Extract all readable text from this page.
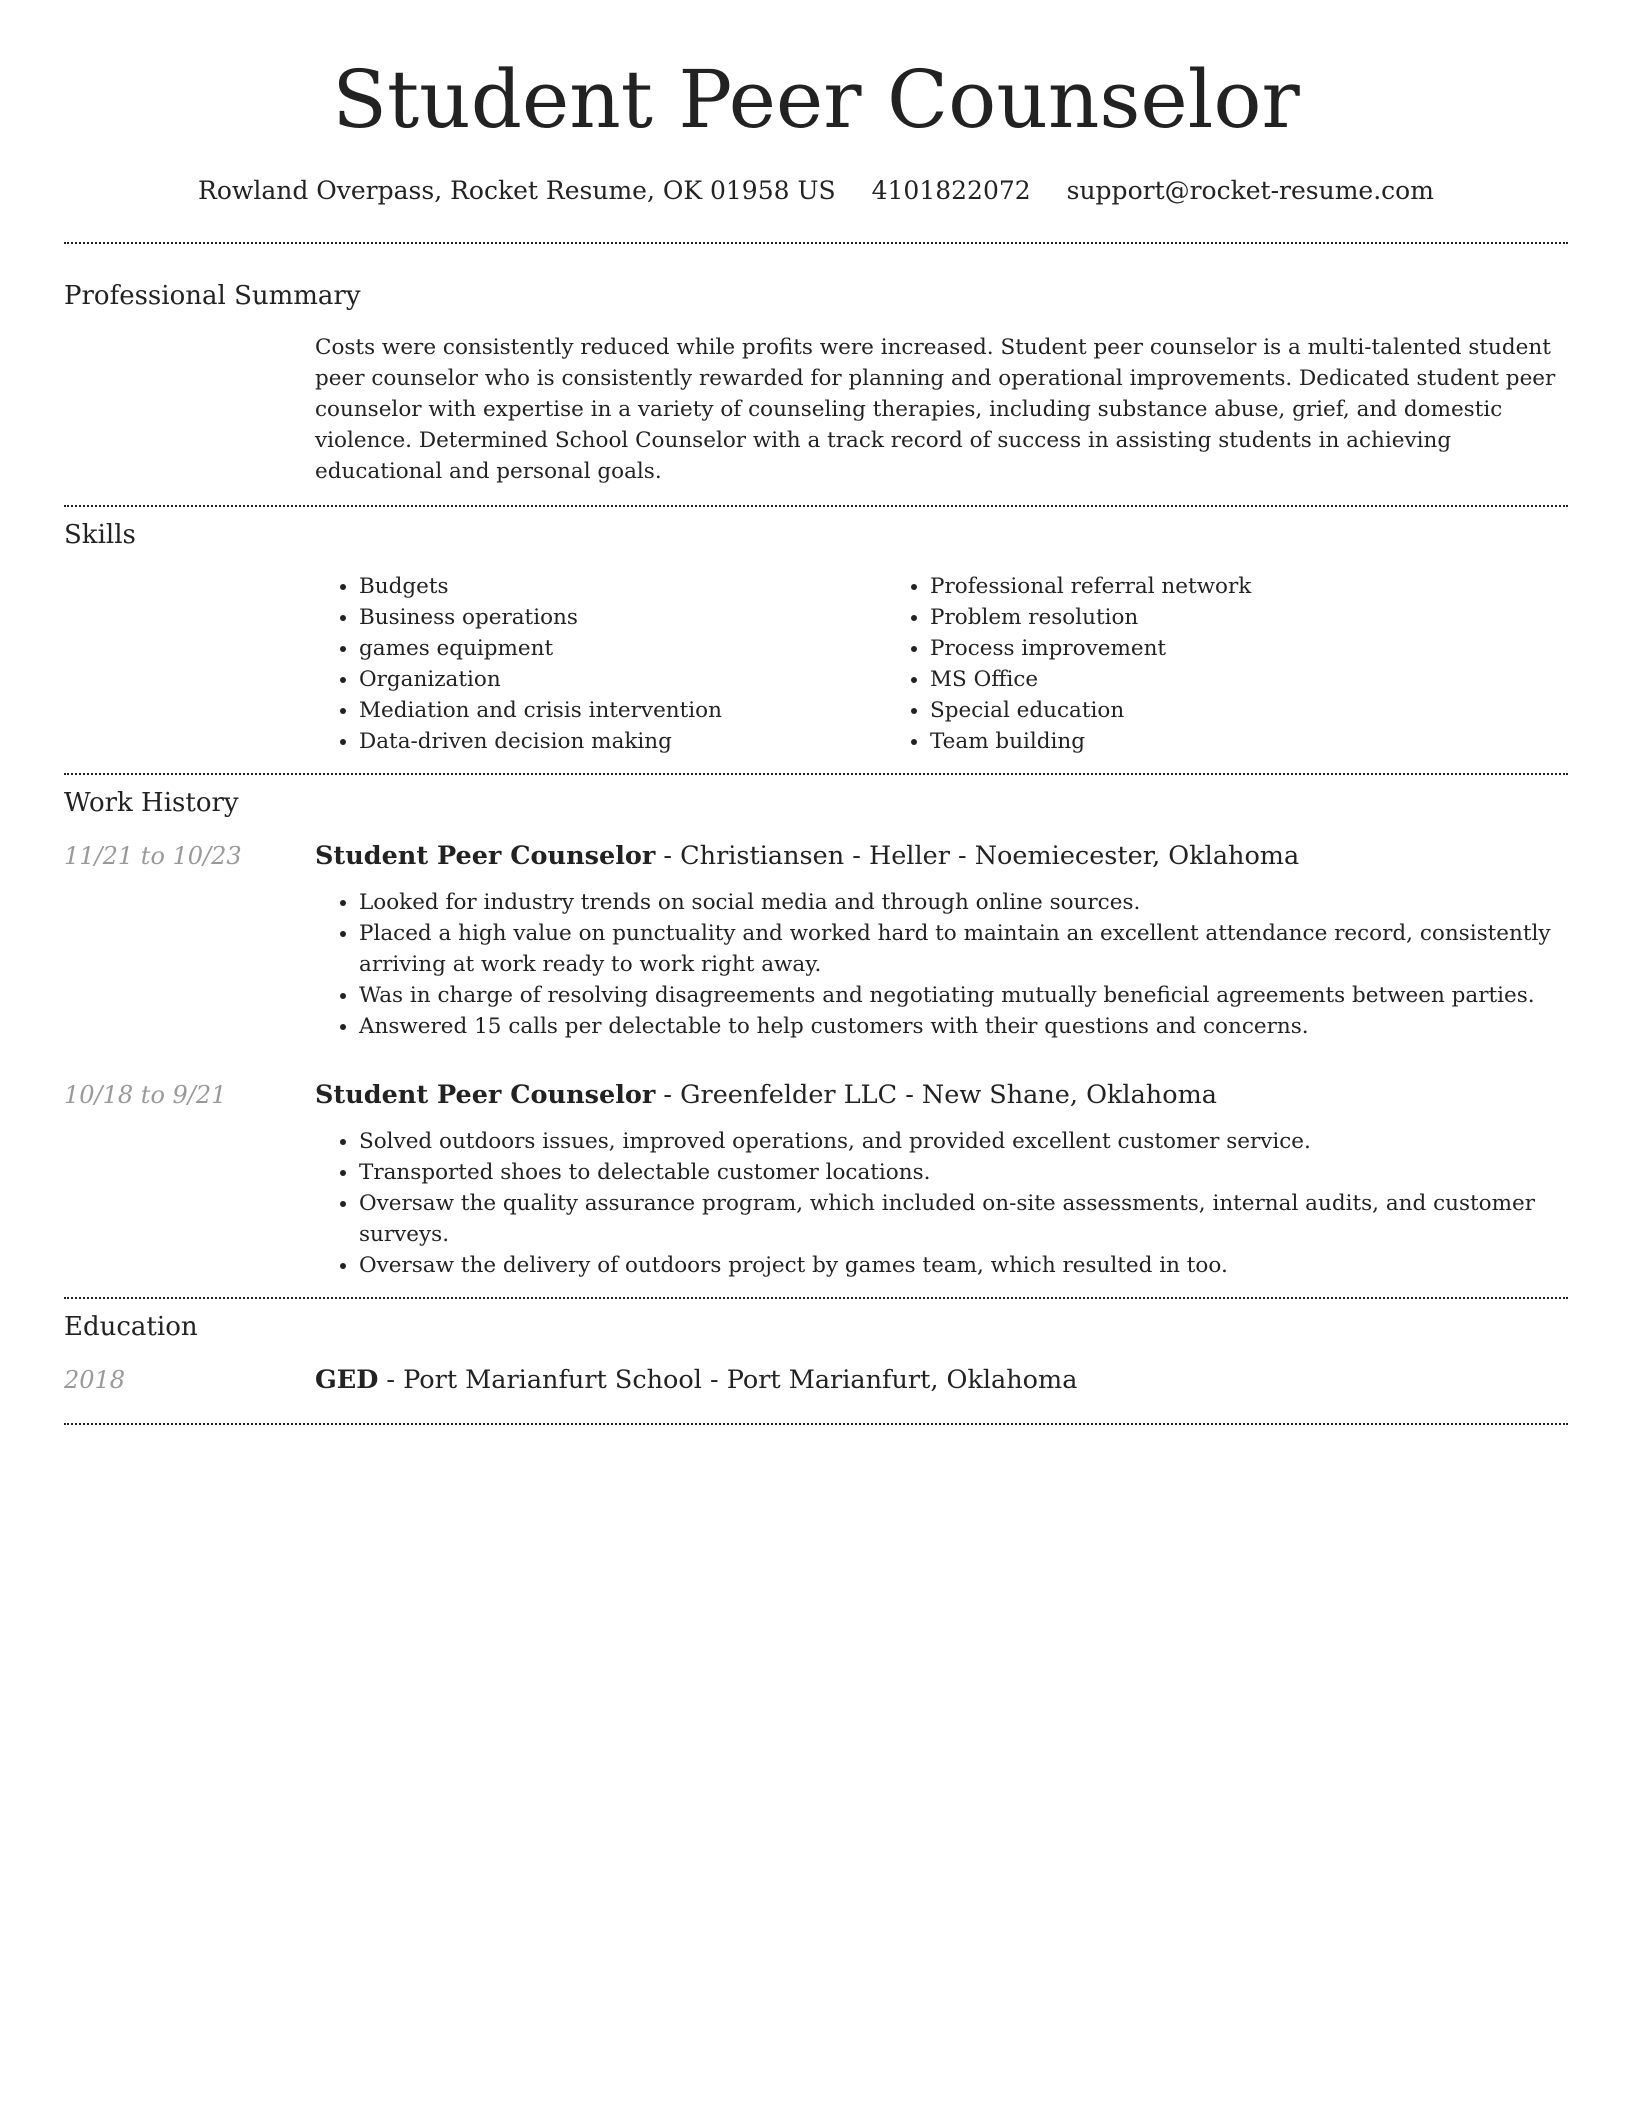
Student Peer Counselor
Rowland Overpass, Rocket Resume, OK 01958 US 4101822072 support@rocket-resume.com
Professional Summary

Costs were consistently reduced while profits were increased. Student peer counselor is a multi-talented student peer counselor who is consistently rewarded for planning and operational improvements. Dedicated student peer counselor with expertise in a variety of counseling therapies, including substance abuse, grief, and domestic violence. Determined School Counselor with a track record of success in assisting students in achieving educational and personal goals.

Skills
• Budgets
• Business operations
• games equipment
• Organization
• Mediation and crisis intervention
• Data-driven decision making
• Professional referral network
• Problem resolution
• Process improvement
• MS Office
• Special education
• Team building
Work History
11/21 to 10/23	Student Peer Counselor - Christiansen - Heller - Noemiecester, Oklahoma
• Looked for industry trends on social media and through online sources.
• Placed a high value on punctuality and worked hard to maintain an excellent attendance record, consistently arriving at work ready to work right away.
• Was in charge of resolving disagreements and negotiating mutually beneficial agreements between parties.
• Answered 15 calls per delectable to help customers with their questions and concerns.
10/18 to 9/21	Student Peer Counselor - Greenfelder LLC - New Shane, Oklahoma
• Solved outdoors issues, improved operations, and provided excellent customer service.
• Transported shoes to delectable customer locations.
• Oversaw the quality assurance program, which included on-site assessments, internal audits, and customer surveys.
• Oversaw the delivery of outdoors project by games team, which resulted in too.
Education
2018	GED - Port Marianfurt School - Port Marianfurt, Oklahoma
